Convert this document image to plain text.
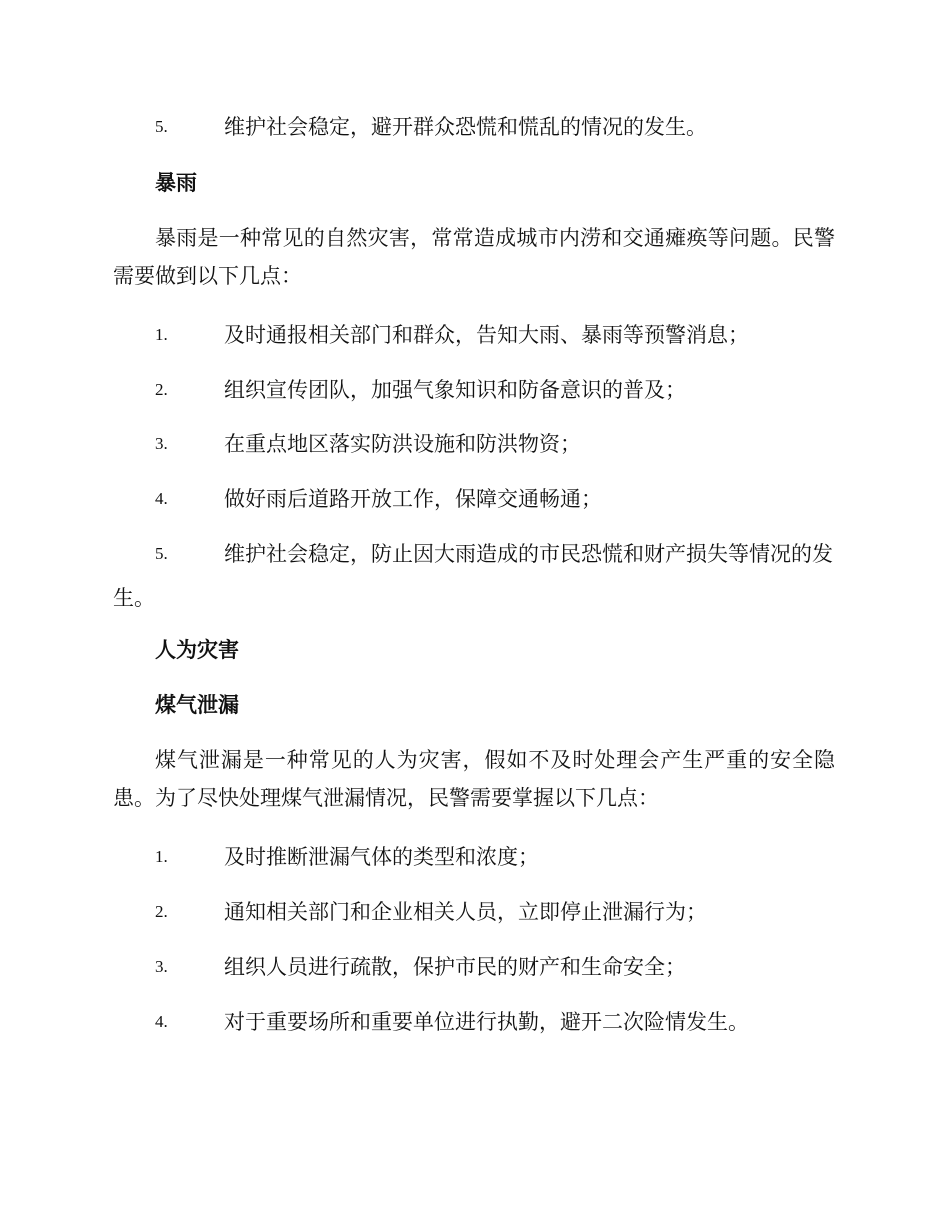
5.	维护社会稳定，避开群众恐慌和慌乱的情况的发生。
暴雨
暴雨是一种常见的自然灾害，常常造成城市内涝和交通瘫痪等问题。民警需要做到以下几点：
1.	及时通报相关部门和群众，告知大雨、暴雨等预警消息；
2.	组织宣传团队，加强气象知识和防备意识的普及；
3.	在重点地区落实防洪设施和防洪物资；
4.	做好雨后道路开放工作，保障交通畅通；
5.	维护社会稳定，防止因大雨造成的市民恐慌和财产损失等情况的发生。
人为灾害
煤气泄漏
煤气泄漏是一种常见的人为灾害，假如不及时处理会产生严重的安全隐患。为了尽快处理煤气泄漏情况，民警需要掌握以下几点：
1.	及时推断泄漏气体的类型和浓度；
2.	通知相关部门和企业相关人员，立即停止泄漏行为；
3.	组织人员进行疏散，保护市民的财产和生命安全；
4.	对于重要场所和重要单位进行执勤，避开二次险情发生。
